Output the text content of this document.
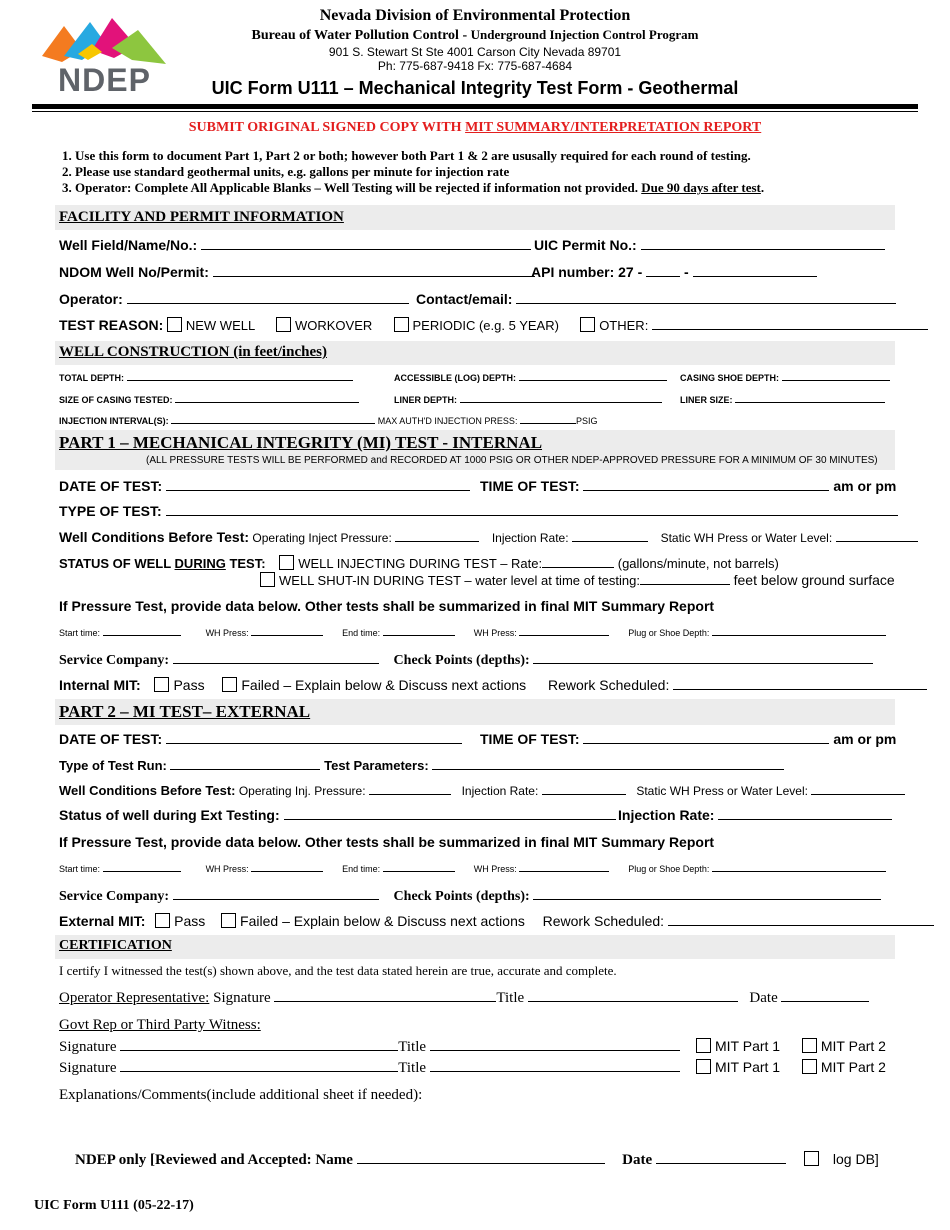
NDEP
Nevada Division of Environmental Protection
Bureau of Water Pollution Control - Underground Injection Control Program
901 S. Stewart St Ste 4001 Carson City Nevada 89701
Ph: 775-687-9418 Fx: 775-687-4684
UIC Form U111 – Mechanical Integrity Test Form - Geothermal
SUBMIT ORIGINAL SIGNED COPY WITH MIT SUMMARY/INTERPRETATION REPORT
1. Use this form to document Part 1, Part 2 or both; however both Part 1 & 2 are ususally required for each round of testing.
2. Please use standard geothermal units, e.g. gallons per minute for injection rate
3. Operator: Complete All Applicable Blanks – Well Testing will be rejected if information not provided. Due 90 days after test.
FACILITY AND PERMIT INFORMATION
Well Field/Name/No.:	UIC Permit No.:
NDOM Well No/Permit:	API number: 27 -	-
Operator:	Contact/email:
TEST REASON: NEW WELL	WORKOVER	PERIODIC (e.g. 5 YEAR)	OTHER:
WELL CONSTRUCTION (in feet/inches)
TOTAL DEPTH:	ACCESSIBLE (LOG) DEPTH:	CASING SHOE DEPTH:
SIZE OF CASING TESTED:	LINER DEPTH:	LINER SIZE:
INJECTION INTERVAL(S):	MAX AUTH'D INJECTION PRESS:	PSIG
PART 1 – MECHANICAL INTEGRITY (MI) TEST - INTERNAL
(ALL PRESSURE TESTS WILL BE PERFORMED and RECORDED AT 1000 PSIG OR OTHER NDEP-APPROVED PRESSURE FOR A MINIMUM OF 30 MINUTES)
DATE OF TEST:	TIME OF TEST:	am or pm
TYPE OF TEST:
Well Conditions Before Test: Operating Inject Pressure:	Injection Rate:	Static WH Press or Water Level:
STATUS OF WELL DURING TEST:	WELL INJECTING DURING TEST – Rate:	(gallons/minute, not barrels)
WELL SHUT-IN DURING TEST – water level at time of testing:	feet below ground surface
If Pressure Test, provide data below. Other tests shall be summarized in final MIT Summary Report
Start time:	WH Press:	End time:	WH Press:	Plug or Shoe Depth:
Service Company:	Check Points (depths):
Internal MIT: Pass	Failed – Explain below & Discuss next actions Rework Scheduled:
PART 2 – MI TEST– EXTERNAL
DATE OF TEST:	TIME OF TEST:	am or pm
Type of Test Run:	Test Parameters:
Well Conditions Before Test: Operating Inj. Pressure:	Injection Rate:	Static WH Press or Water Level:
Status of well during Ext Testing:	Injection Rate:
If Pressure Test, provide data below. Other tests shall be summarized in final MIT Summary Report
Start time:	WH Press:	End time:	WH Press:	Plug or Shoe Depth:
Service Company:	Check Points (depths):
External MIT: Pass Failed – Explain below & Discuss next actions Rework Scheduled:
CERTIFICATION
I certify I witnessed the test(s) shown above, and the test data stated herein are true, accurate and complete.
Operator Representative: Signature	Title	Date
Govt Rep or Third Party Witness:
Signature	Title	MIT Part 1	MIT Part 2
Signature	Title	MIT Part 1	MIT Part 2
Explanations/Comments(include additional sheet if needed):
NDEP only [Reviewed and Accepted: Name	Date	log DB]
UIC Form U111 (05-22-17)
